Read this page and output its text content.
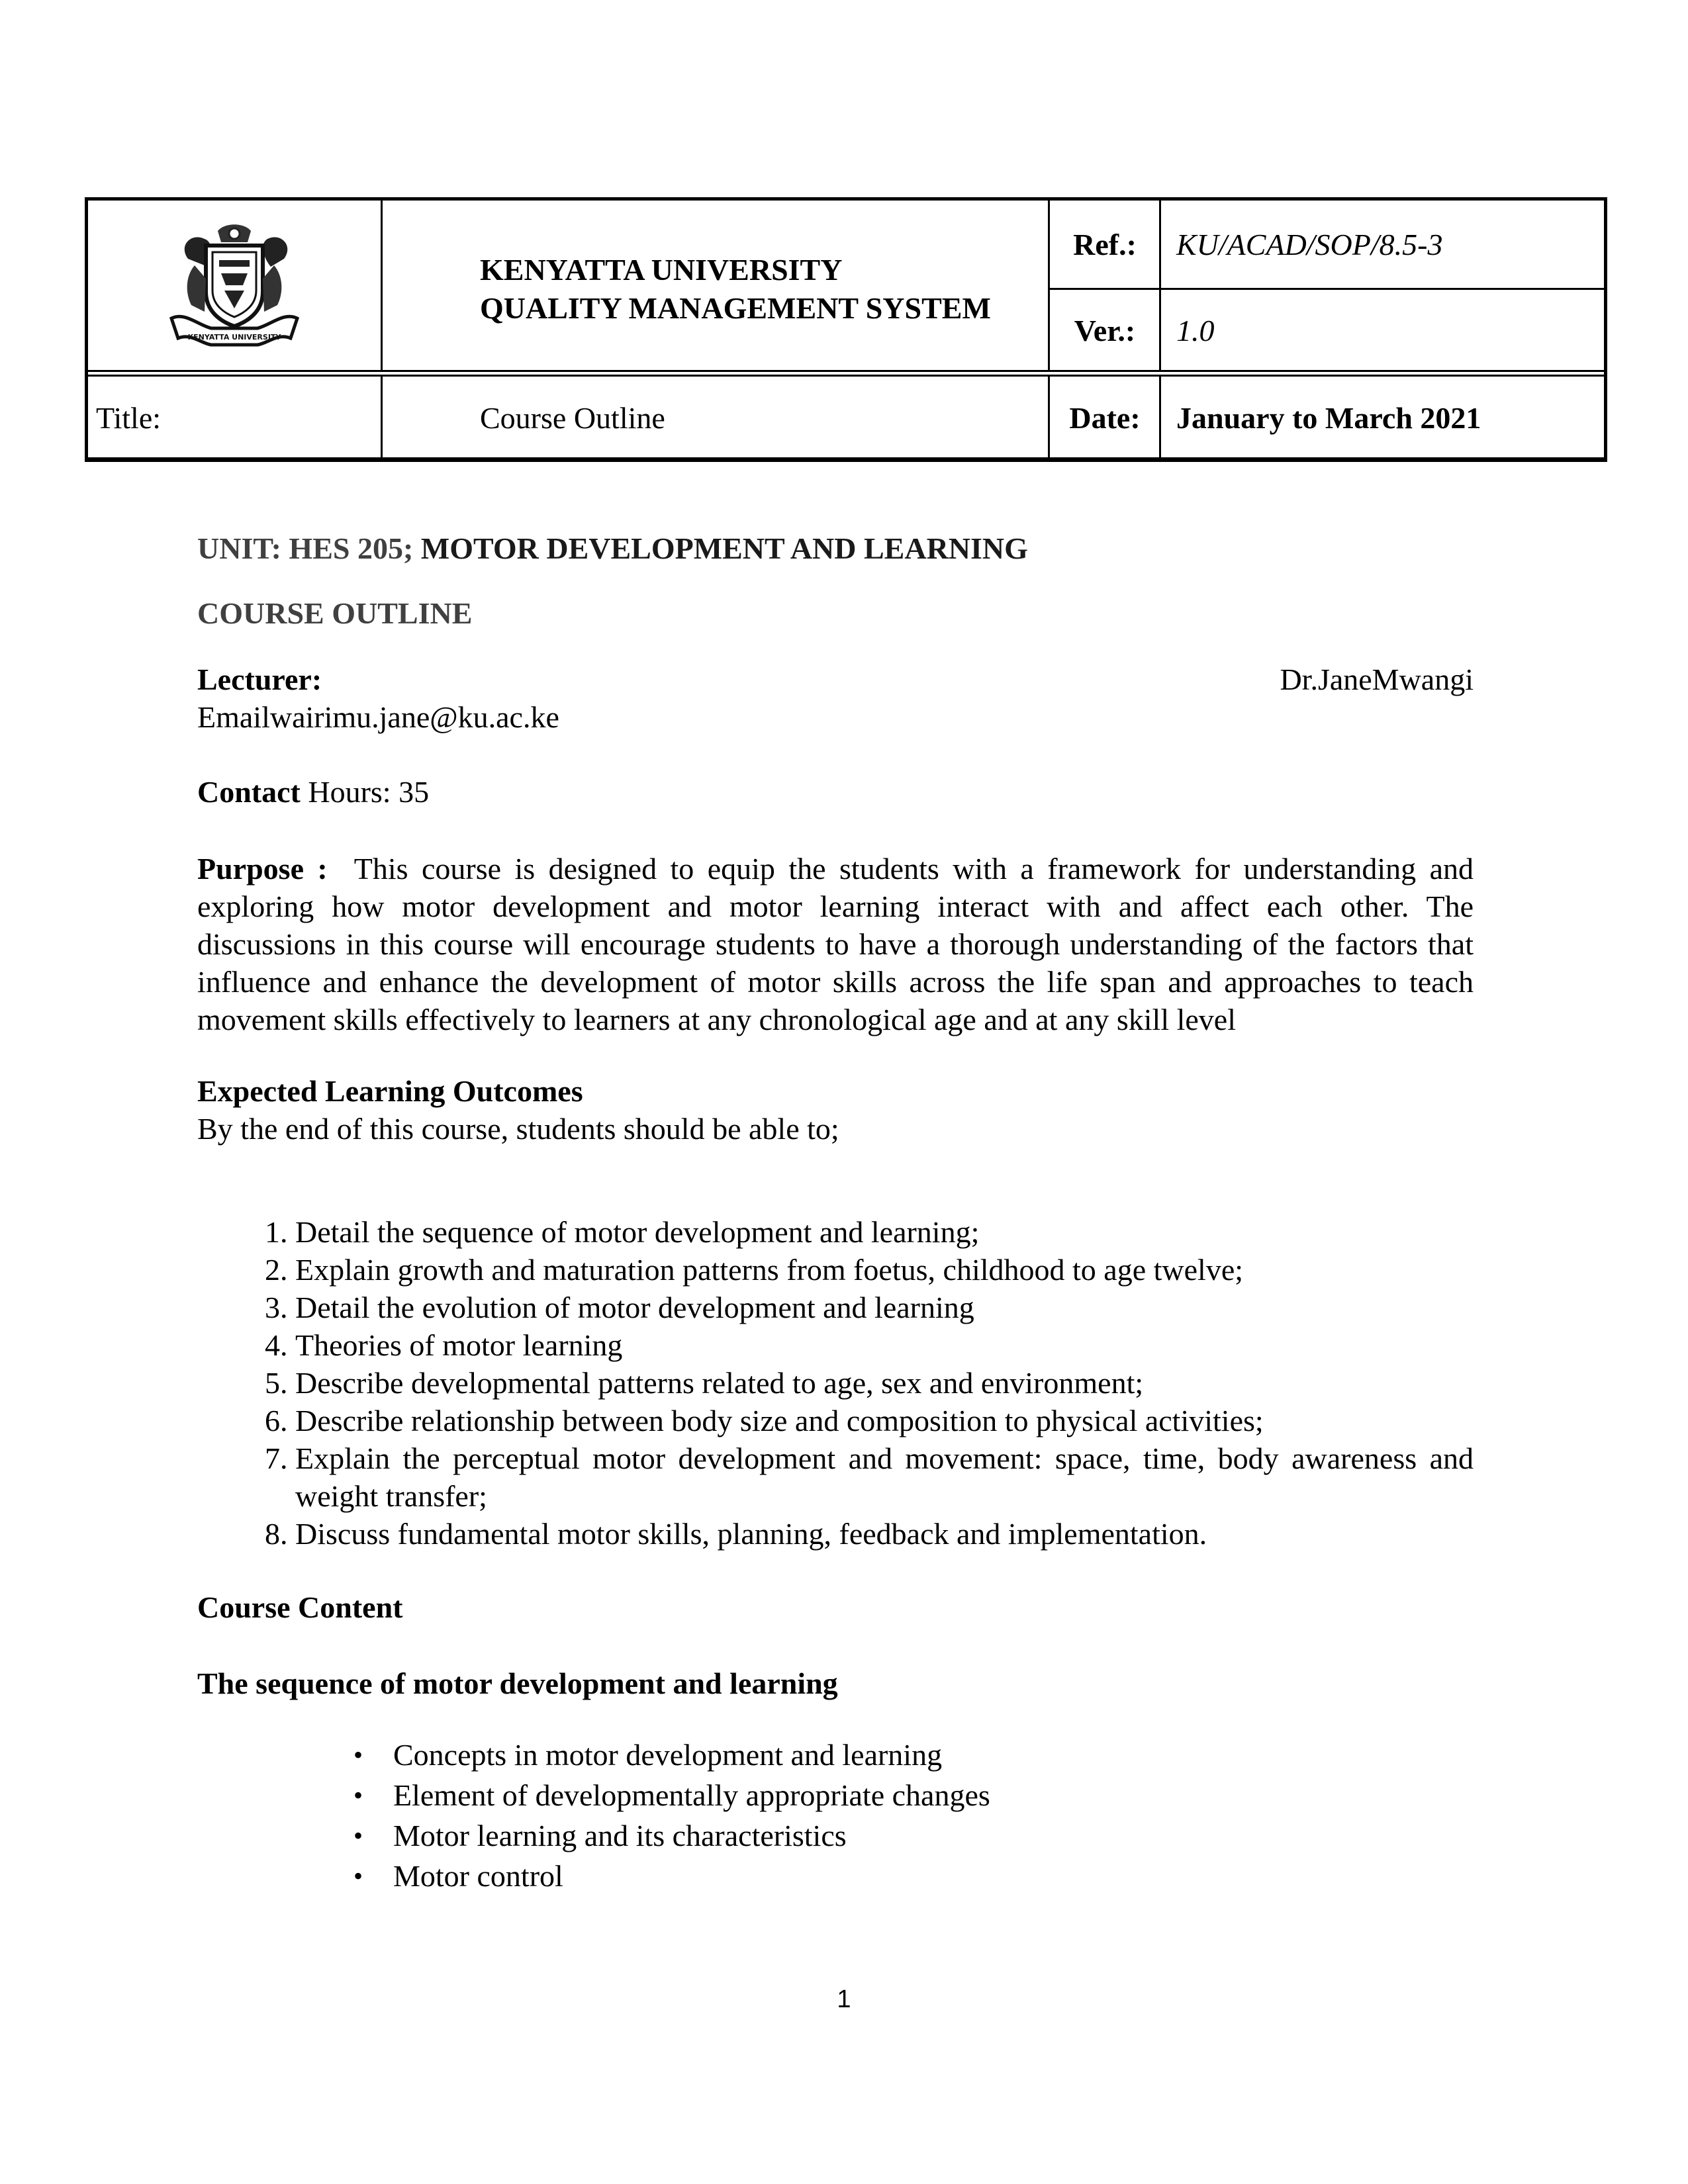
KENYATTA UNIVERSITY
KENYATTA UNIVERSITY
QUALITY MANAGEMENT SYSTEM
Ref.:	KU/ACAD/SOP/8.5-3
Ver.:	1.0
Title:	Course Outline	Date:	January to March 2021
UNIT: HES 205; MOTOR DEVELOPMENT AND LEARNING
COURSE OUTLINE
Lecturer:	Dr.JaneMwangi
Emailwairimu.jane@ku.ac.ke
Contact Hours: 35
Purpose : This course is designed to equip the students with a framework for understanding and exploring how motor development and motor learning interact with and affect each other. The discussions in this course will encourage students to have a thorough understanding of the factors that influence and enhance the development of motor skills across the life span and approaches to teach movement skills effectively to learners at any chronological age and at any skill level
Expected Learning Outcomes
By the end of this course, students should be able to;
1. Detail the sequence of motor development and learning;
2. Explain growth and maturation patterns from foetus, childhood to age twelve;
3. Detail the evolution of motor development and learning
4. Theories of motor learning
5. Describe developmental patterns related to age, sex and environment;
6. Describe relationship between body size and composition to physical activities;
7. Explain the perceptual motor development and movement: space, time, body awareness and weight transfer;
8. Discuss fundamental motor skills, planning, feedback and implementation.
Course Content
The sequence of motor development and learning
• Concepts in motor development and learning
• Element of developmentally appropriate changes
• Motor learning and its characteristics
• Motor control
1
